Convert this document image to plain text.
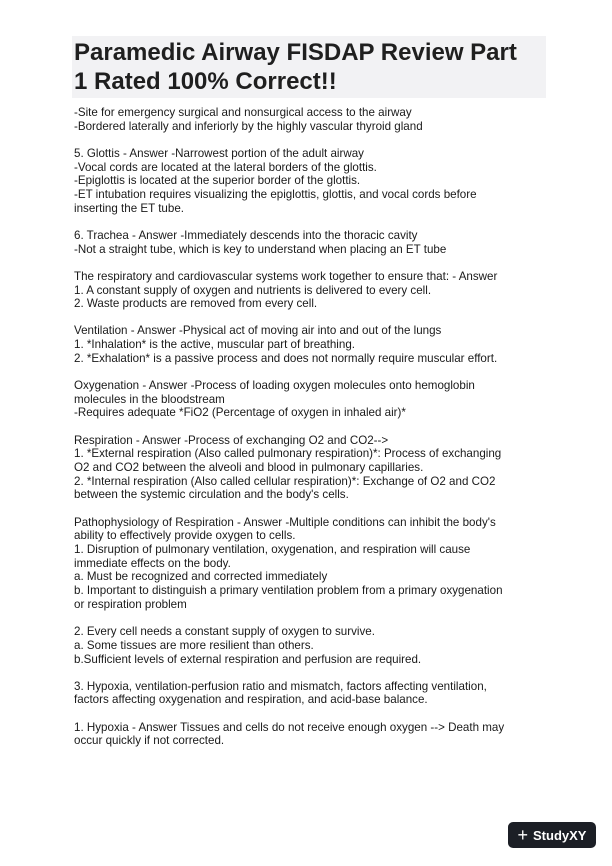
Paramedic Airway FISDAP Review Part
1 Rated 100% Correct!!
-Site for emergency surgical and nonsurgical access to the airway
-Bordered laterally and inferiorly by the highly vascular thyroid gland
5. Glottis - Answer -Narrowest portion of the adult airway
-Vocal cords are located at the lateral borders of the glottis.
-Epiglottis is located at the superior border of the glottis.
-ET intubation requires visualizing the epiglottis, glottis, and vocal cords before
inserting the ET tube.
6. Trachea - Answer -Immediately descends into the thoracic cavity
-Not a straight tube, which is key to understand when placing an ET tube
The respiratory and cardiovascular systems work together to ensure that: - Answer
1. A constant supply of oxygen and nutrients is delivered to every cell.
2. Waste products are removed from every cell.
Ventilation - Answer -Physical act of moving air into and out of the lungs
1. *Inhalation* is the active, muscular part of breathing.
2. *Exhalation* is a passive process and does not normally require muscular effort.
Oxygenation - Answer -Process of loading oxygen molecules onto hemoglobin
molecules in the bloodstream
-Requires adequate *FiO2 (Percentage of oxygen in inhaled air)*
Respiration - Answer -Process of exchanging O2 and CO2-->
1. *External respiration (Also called pulmonary respiration)*: Process of exchanging
O2 and CO2 between the alveoli and blood in pulmonary capillaries.
2. *Internal respiration (Also called cellular respiration)*: Exchange of O2 and CO2
between the systemic circulation and the body's cells.
Pathophysiology of Respiration - Answer -Multiple conditions can inhibit the body's
ability to effectively provide oxygen to cells.
1. Disruption of pulmonary ventilation, oxygenation, and respiration will cause
immediate effects on the body.
a. Must be recognized and corrected immediately
b. Important to distinguish a primary ventilation problem from a primary oxygenation
or respiration problem
2. Every cell needs a constant supply of oxygen to survive.
a. Some tissues are more resilient than others.
b.Sufficient levels of external respiration and perfusion are required.
3. Hypoxia, ventilation-perfusion ratio and mismatch, factors affecting ventilation,
factors affecting oxygenation and respiration, and acid-base balance.
1. Hypoxia - Answer Tissues and cells do not receive enough oxygen --> Death may
occur quickly if not corrected.
+ StudyXY
